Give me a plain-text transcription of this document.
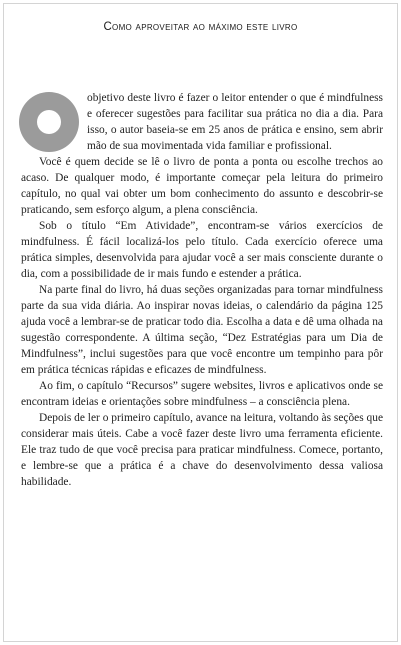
Como aproveitar ao máximo este livro

objetivo deste livro é fazer o leitor entender o que é mindfulness e oferecer sugestões para facilitar sua prática no dia a dia. Para isso, o autor baseia-se em 25 anos de prática e ensino, sem abrir mão de sua movimentada vida familiar e profissional.

Você é quem decide se lê o livro de ponta a ponta ou escolhe trechos ao acaso. De qualquer modo, é importante começar pela leitura do primeiro capítulo, no qual vai obter um bom conhecimento do assunto e descobrir-se praticando, sem esforço algum, a plena consciência.

Sob o título “Em Atividade”, encontram-se vários exercícios de mindfulness. É fácil localizá-los pelo título. Cada exercício oferece uma prática simples, desenvolvida para ajudar você a ser mais consciente durante o dia, com a possibilidade de ir mais fundo e estender a prática.

Na parte final do livro, há duas seções organizadas para tornar mindfulness parte da sua vida diária. Ao inspirar novas ideias, o calendário da página 125 ajuda você a lembrar-se de praticar todo dia. Escolha a data e dê uma olhada na sugestão correspondente. A última seção, “Dez Estratégias para um Dia de Mindfulness”, inclui sugestões para que você encontre um tempinho para pôr em prática técnicas rápidas e eficazes de mindfulness.

Ao fim, o capítulo “Recursos” sugere websites, livros e aplicativos onde se encontram ideias e orientações sobre mindfulness – a consciência plena.

Depois de ler o primeiro capítulo, avance na leitura, voltando às seções que considerar mais úteis. Cabe a você fazer deste livro uma ferramenta eficiente. Ele traz tudo de que você precisa para praticar mindfulness. Comece, portanto, e lembre-se que a prática é a chave do desenvolvimento dessa valiosa habilidade.
